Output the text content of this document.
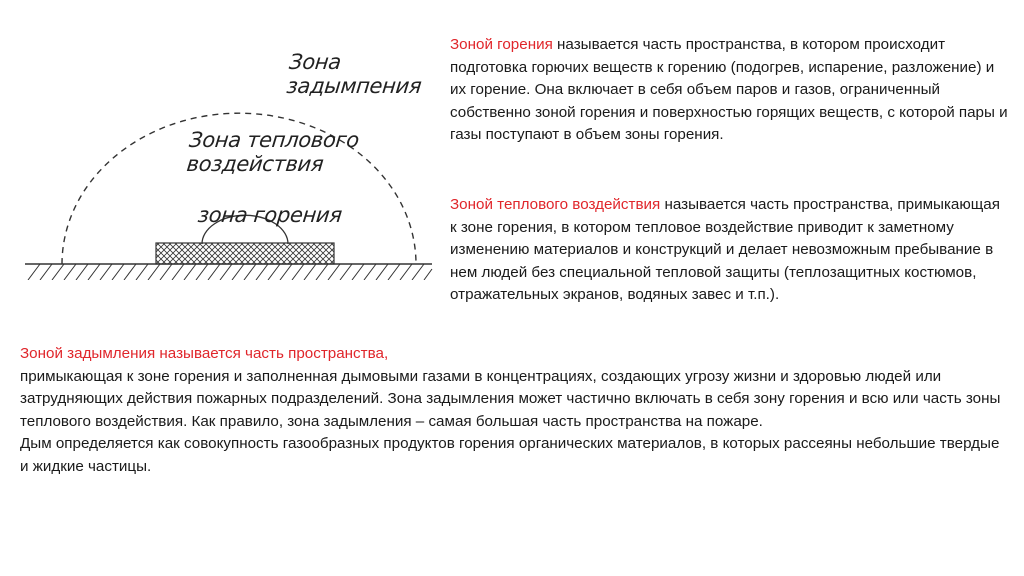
Зона
задымпения
Зона теплового
воздействия
зона горения

Зоной горения называется часть пространства, в котором происходит подготовка горючих веществ к горению (подогрев, испарение, разложение) и их горение. Она включает в себя объем паров и газов, ограниченный собственно зоной горения и поверхностью горящих веществ, с которой пары и газы поступают в объем зоны горения.

Зоной теплового воздействия называется часть пространства, примыкающая к зоне горения, в котором тепловое воздействие приводит к заметному изменению материалов и конструкций и делает невозможным пребывание в нем людей без специальной тепловой защиты (теплозащитных костюмов, отражательных экранов, водяных завес и т.п.).

Зоной задымления называется часть пространства,

примыкающая к зоне горения и заполненная дымовыми газами в концентрациях, создающих угрозу жизни и здоровью людей или затрудняющих действия пожарных подразделений. Зона задымления может частично включать в себя зону горения и всю или часть зоны теплового воздействия. Как правило, зона задымления – самая большая часть пространства на пожаре.

Дым определяется как совокупность газообразных продуктов горения органических материалов, в которых рассеяны небольшие твердые и жидкие частицы.
